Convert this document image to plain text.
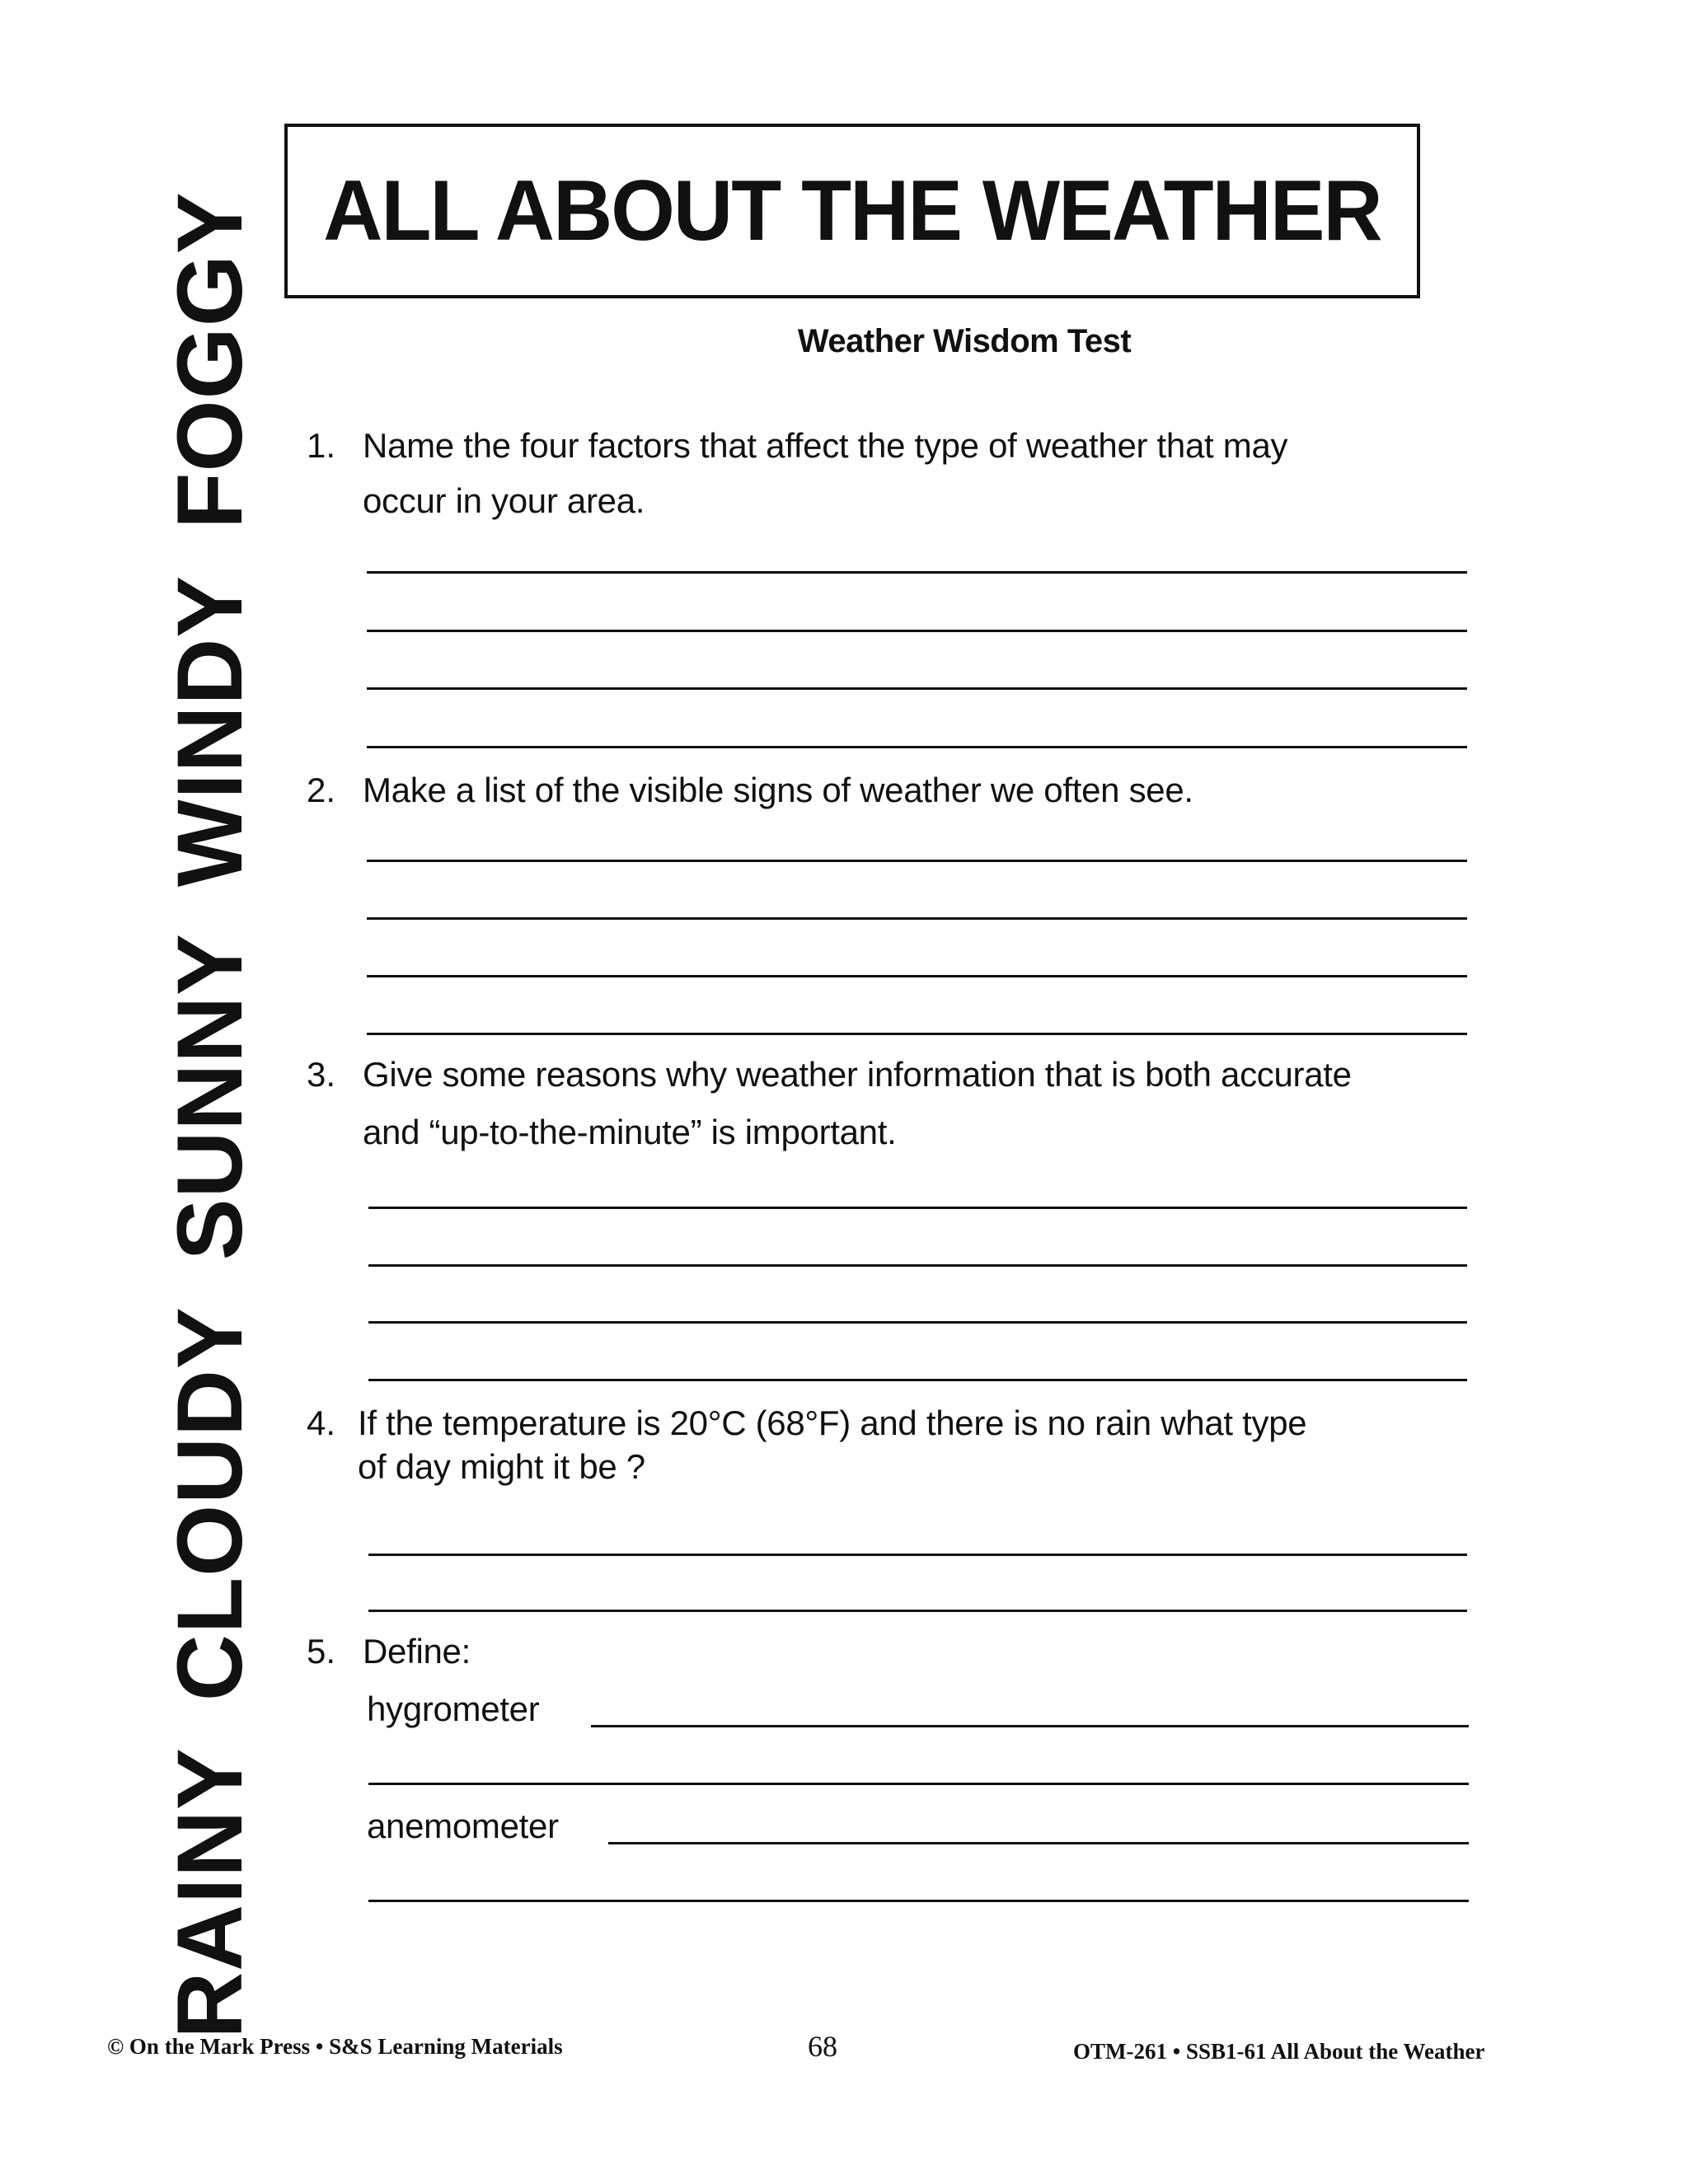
ALL ABOUT THE WEATHER
Weather Wisdom Test
RAINYCLOUDYSUNNYWINDYFOGGY 1. Name the four factors that affect the type of weather that may
occur in your area.
2. Make a list of the visible signs of weather we often see.
3. Give some reasons why weather information that is both accurate
and “up-to-the-minute” is important.
4. If the temperature is 20°C (68°F) and there is no rain what type
of day might it be ?
5. Define:
hygrometer
anemometer
© On the Mark Press • S&S Learning Materials	68	OTM-261 • SSB1-61 All About the Weather
